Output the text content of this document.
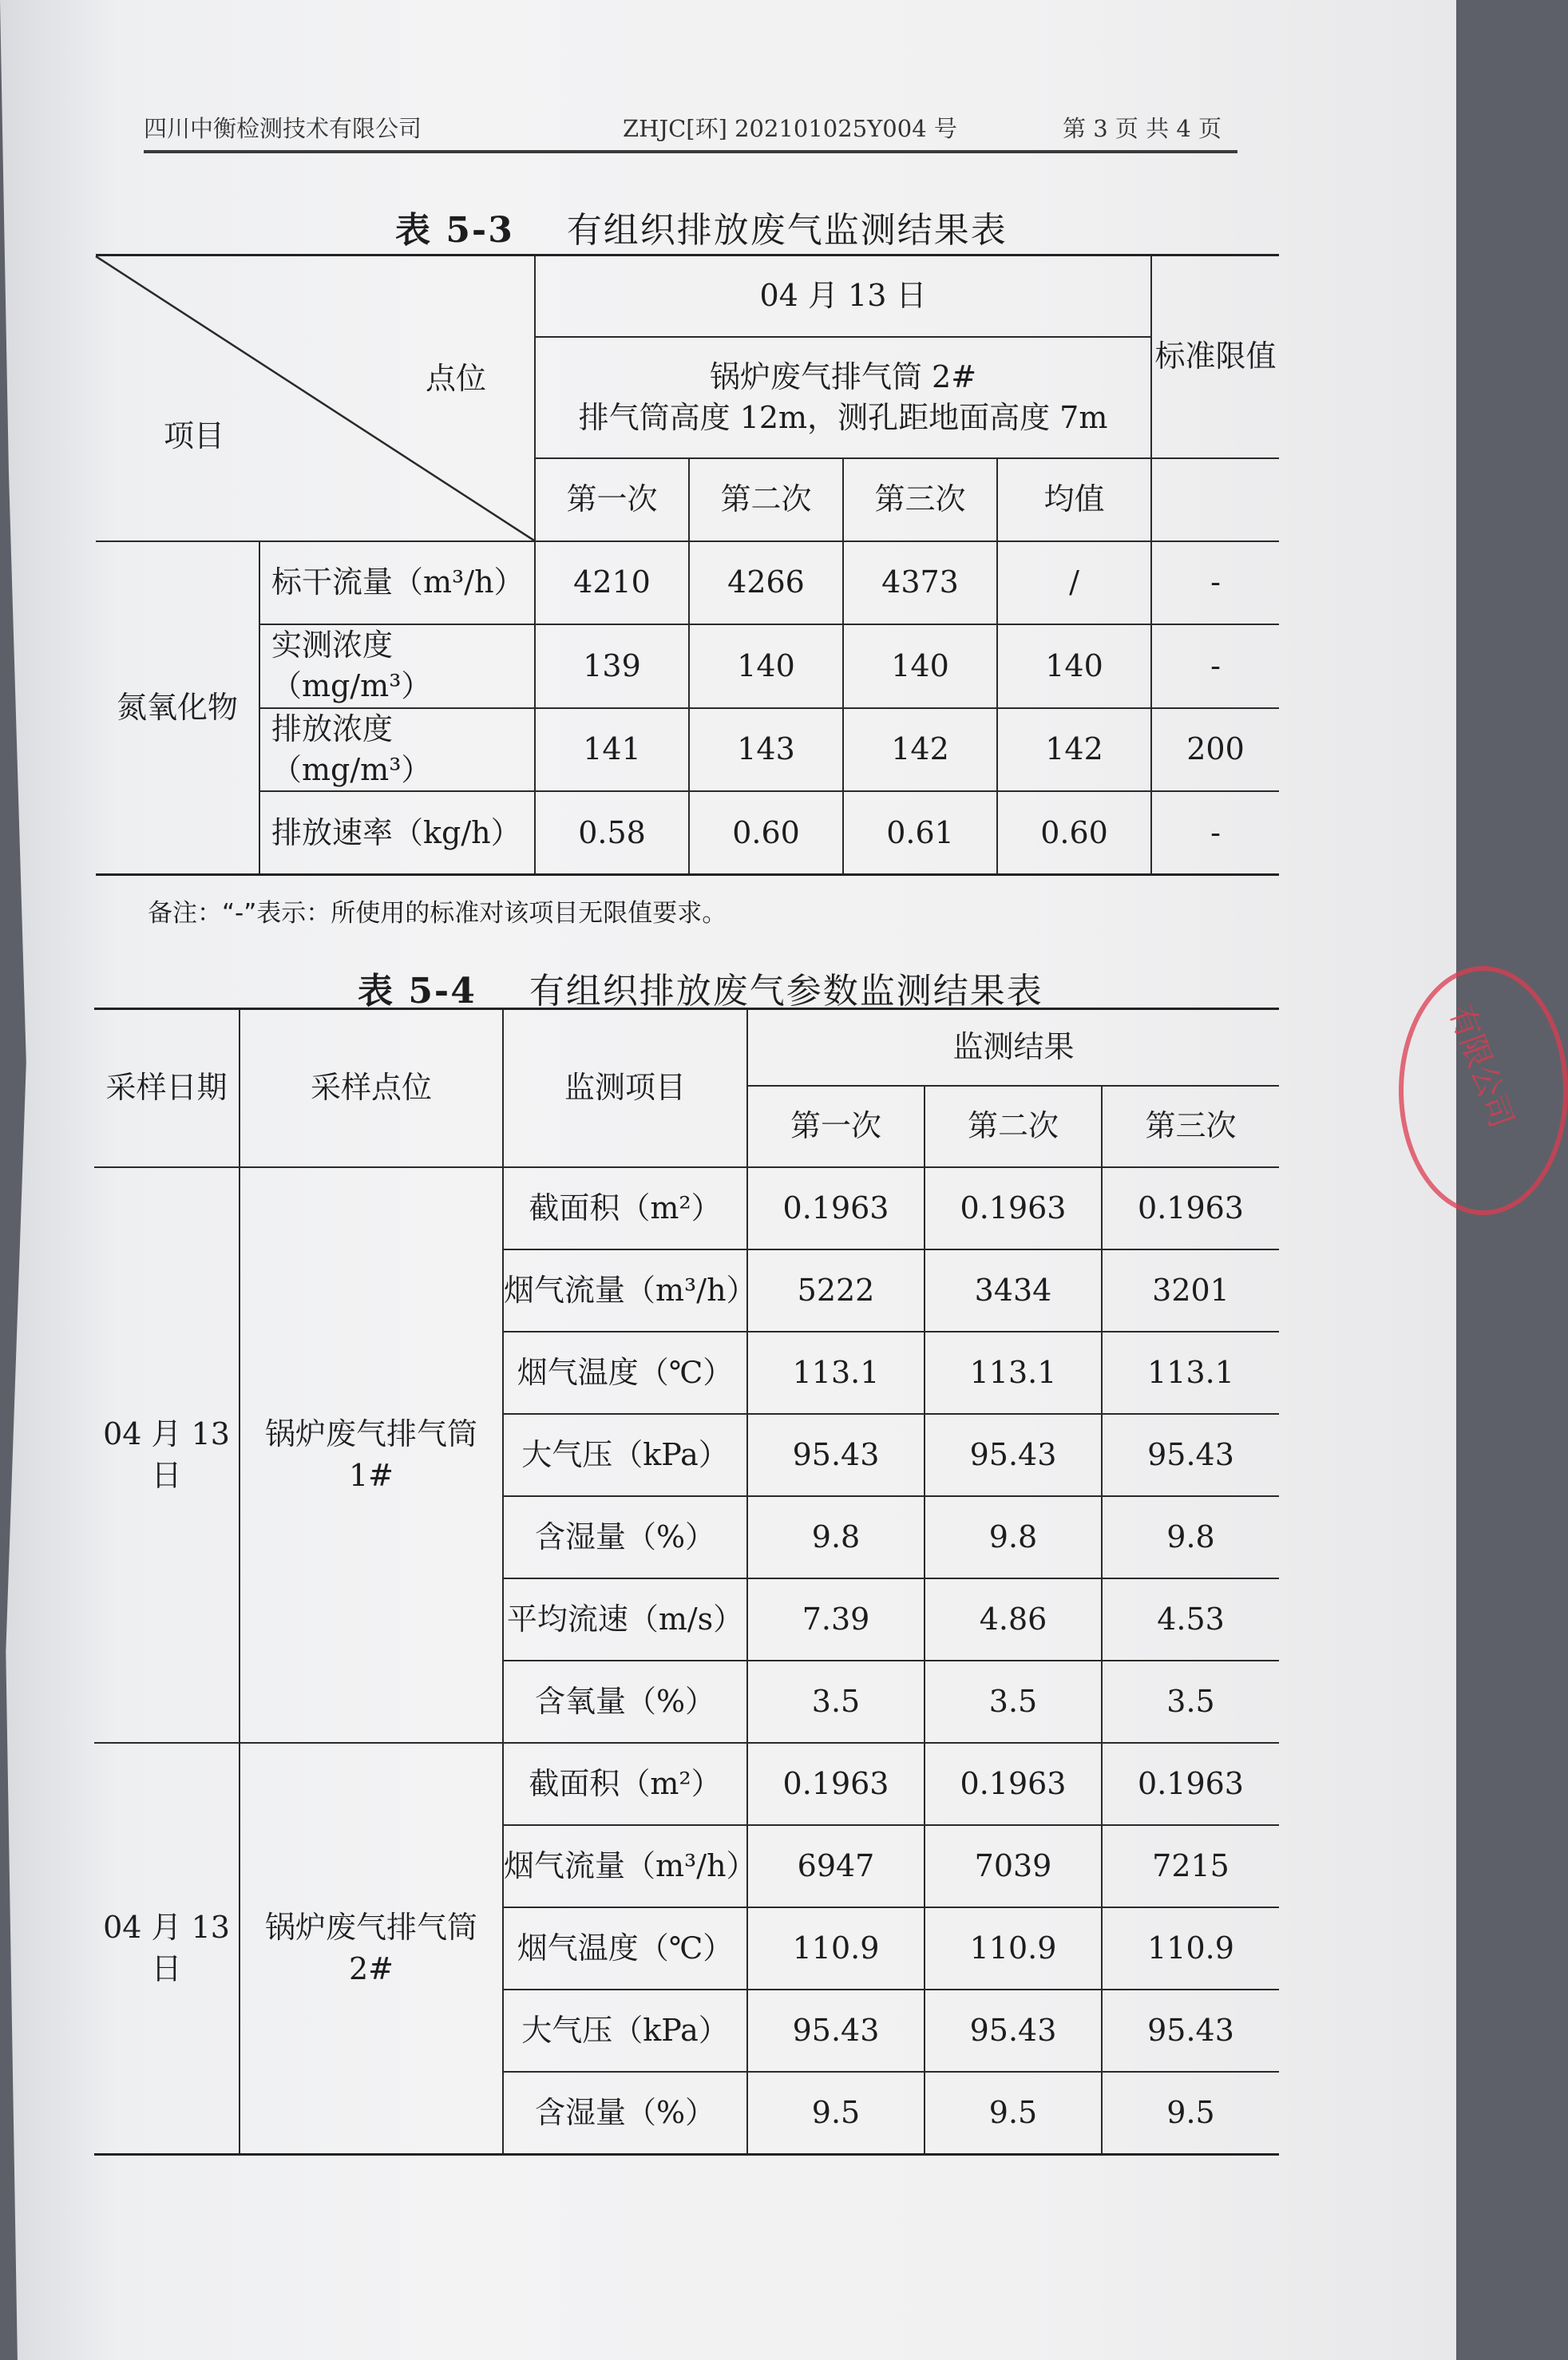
四川中衡检测技术有限公司	ZHJC[环] 202101025Y004 号	第 3 页 共 4 页
表 5-3 有组织排放废气监测结果表
点位
项目		04 月 13 日				标准限值

		锅炉废气排气筒 2#
排气筒高度 12m，测孔距地面高度 7m				

		第一次	第二次	第三次	均值	
氮氧化物	标干流量（m³/h）	4210	4266	4373	/	-
	实测浓度（mg/m³）	139	140	140	140	-
	排放浓度（mg/m³）	141	143	142	142	200
	排放速率（kg/h）	0.58	0.60	0.61	0.60	-
备注：“-”表示：所使用的标准对该项目无限值要求。
表 5-4 有组织排放废气参数监测结果表
采样日期	采样点位	监测项目	监测结果		
			第一次	第二次	第三次
04 月 13 日	锅炉废气排气筒 1#	截面积（m²）	0.1963	0.1963	0.1963
		烟气流量（m³/h）	5222	3434	3201
		烟气温度（℃）	113.1	113.1	113.1
		大气压（kPa）	95.43	95.43	95.43
		含湿量（%）	9.8	9.8	9.8
		平均流速（m/s）	7.39	4.86	4.53
		含氧量（%）	3.5	3.5	3.5
04 月 13 日	锅炉废气排气筒 2#	截面积（m²）	0.1963	0.1963	0.1963
		烟气流量（m³/h）	6947	7039	7215
		烟气温度（℃）	110.9	110.9	110.9
		大气压（kPa）	95.43	95.43	95.43
		含湿量（%）	9.5	9.5	9.5
有限公司
